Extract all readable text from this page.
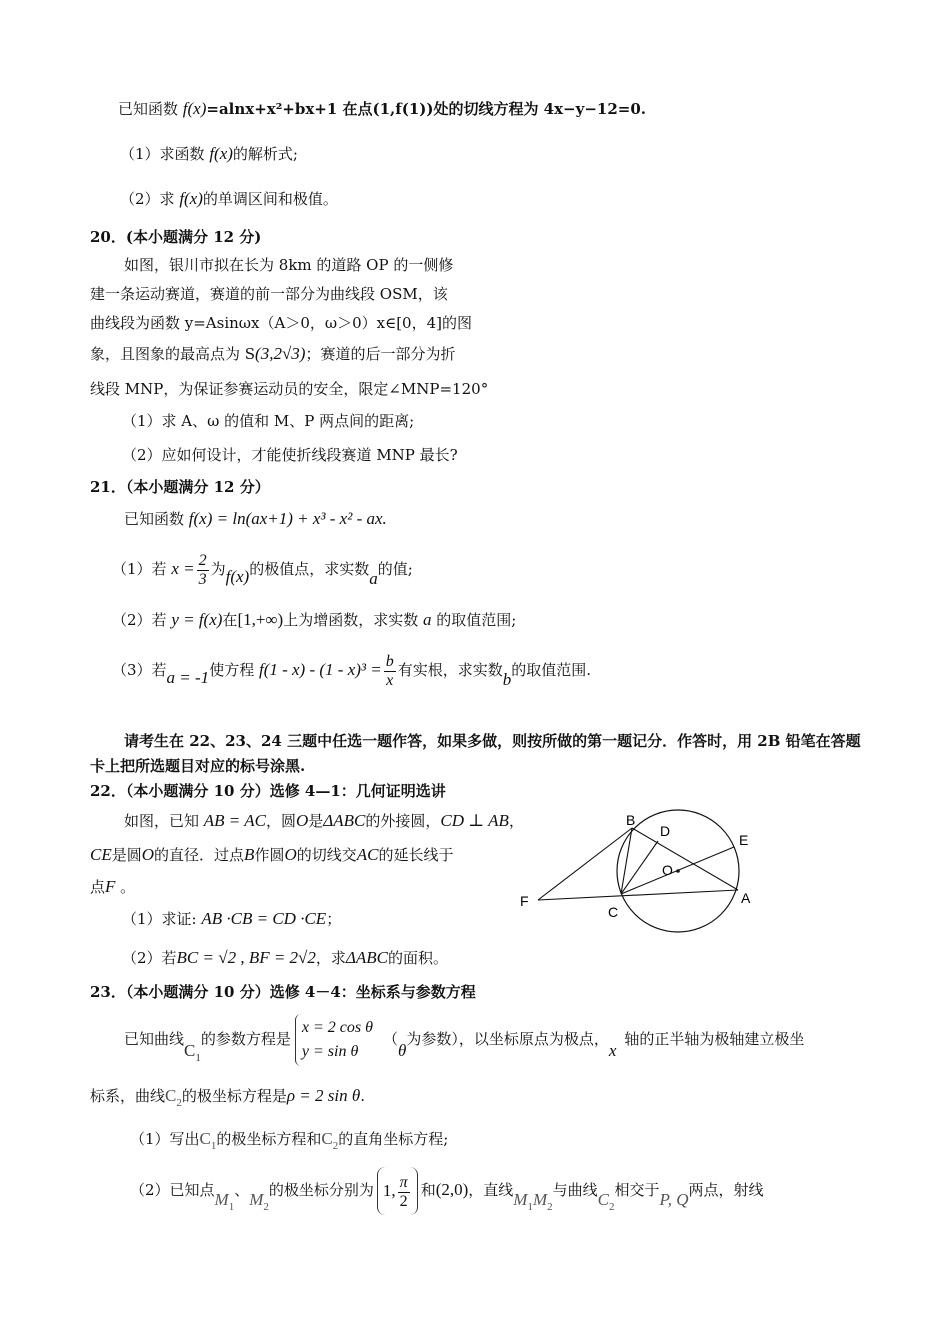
已知函数 f(x)=alnx+x²+bx+1 在点(1,f(1))处的切线方程为 4x−y−12=0.
（1）求函数 f(x)的解析式;
（2）求 f(x)的单调区间和极值。
20．(本小题满分 12 分)
如图，银川市拟在长为 8km 的道路 OP 的一侧修
建一条运动赛道，赛道的前一部分为曲线段 OSM，该
曲线段为函数 y=Asinωx（A＞0，ω＞0）x∈[0，4]的图
象，且图象的最高点为 S(3,2√3)；赛道的后一部分为折
线段 MNP，为保证参赛运动员的安全，限定∠MNP=120°
（1）求 A、ω 的值和 M、P 两点间的距离;
（2）应如何设计，才能使折线段赛道 MNP 最长?
21．（本小题满分 12 分）
已知函数 f(x) = ln(ax+1) + x³ - x² - ax.
（1）若 $x = \frac{2}{3}$ 为f(x)的极值点，求实数a的值;
（2）若 y = f(x)在[1,+∞)上为增函数，求实数 a 的取值范围;
（3）若a = -1使方程 $f(1 - x) - (1 - x)^3 = \frac{b}{x}$ 有实根，求实数b的取值范围.
请考生在 22、23、24 三题中任选一题作答，如果多做，则按所做的第一题记分．作答时，用 2B 铅笔在答题
卡上把所选题目对应的标号涂黑.
22．（本小题满分 10 分）选修 4—1：几何证明选讲
如图，已知 AB = AC，圆O是ΔABC的外接圆，CD ⊥ AB，
CE是圆O的直径．过点B作圆O的切线交AC的延长线于
点F 。
（1）求证: AB ·CB = CD ·CE；
（2）若BC = √2 , BF = 2√2，求ΔABC的面积。
B
D
E
O
A
C
F
23．（本小题满分 10 分）选修 4－4：坐标系与参数方程
已知曲线$C_1$的参数方程是
x = 2 cos θ
y = sin θ
（θ为参数），以坐标原点为极点，x轴的正半轴为极轴建立极坐
标系，曲线$C_2$的极坐标方程是ρ = 2 sin θ.
（1）写出$C_1$的极坐标方程和$C_2$的直角坐标方程;
（2）已知点$M_1$、$M_2$的极坐标分别为 1, $\frac{\pi}{2}$ 和(2,0)，直线$M_1M_2$与曲线$C_2$相交于P, Q两点，射线
